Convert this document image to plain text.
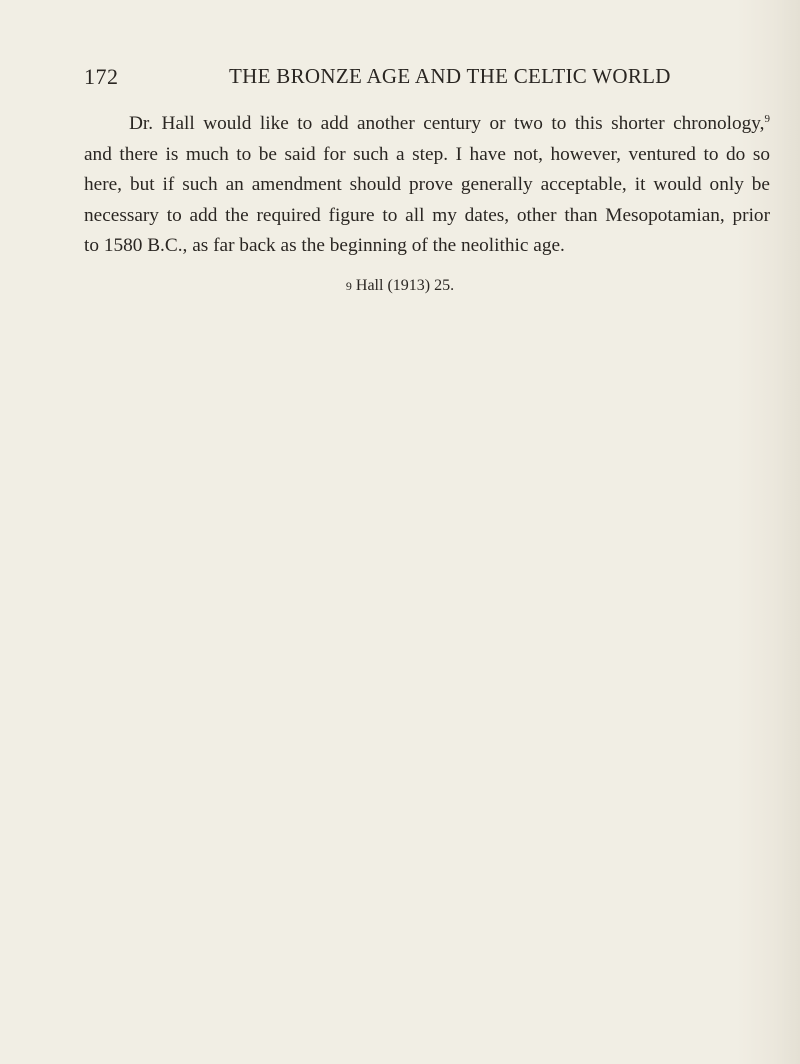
172	THE BRONZE AGE AND THE CELTIC WORLD
Dr. Hall would like to add another century or two to this shorter chronology,$^9$
and there is much to be said for such a step. I have not, however, ventured to do so
here, but if such an amendment should prove generally acceptable, it would only be
necessary to add the required figure to all my dates, other than Mesopotamian, prior
to 1580 B.C., as far back as the beginning of the neolithic age.
9 Hall (1913) 25.
